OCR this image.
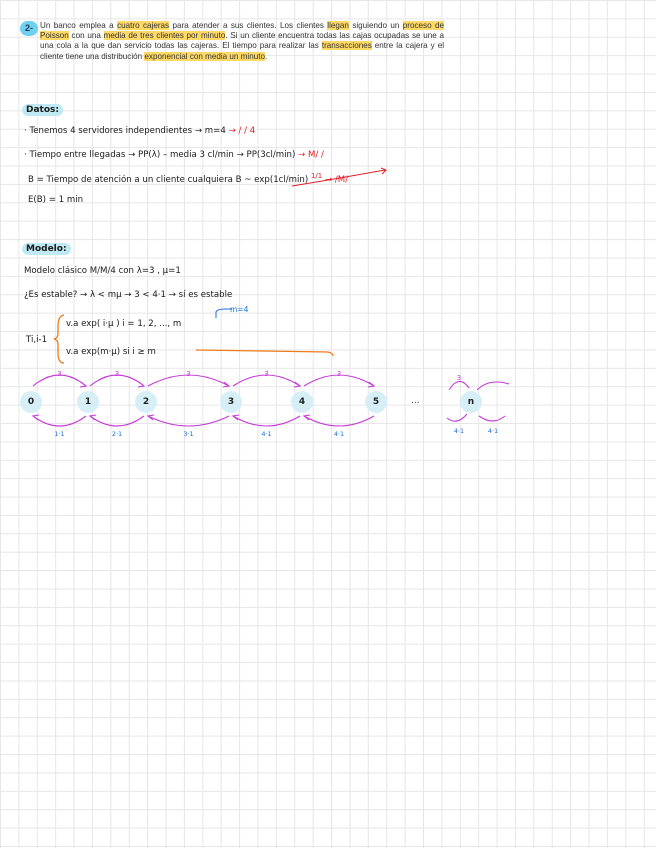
2- Un banco emplea a cuatro cajeras para atender a sus clientes. Los clientes llegan siguiendo un proceso de Poisson con una media de tres clientes por minuto. Si un cliente encuentra todas las cajas ocupadas se une a una cola a la que dan servicio todas las cajeras. El tiempo para realizar las transacciones entre la cajera y el cliente tiene una distribución exponencial con media un minuto.
Datos:
· Tenemos 4 servidores independientes → m=4 → / / 4
· Tiempo entre llegadas → PP(λ) – media 3 cl/min → PP(3cl/min) → M/ /
B = Tiempo de atención a un cliente cualquiera B ~ exp(1cl/min) $^{1/1}$ → /M/
E(B) = 1 min
Modelo:
Modelo clásico M/M/4 con λ=3 , μ=1
¿Es estable? → λ < mμ → 3 < 4·1 → sí es estable
Ti,i-1
v.a exp( i·μ ) i = 1, 2, ..., m
v.a exp(m·μ) si i ≥ m
m=4
3	3	3	3	3
1·1	2·1	3·1	4·1	4·1
3
4·1	4·1
0	1	2	3	4	5	n
...
